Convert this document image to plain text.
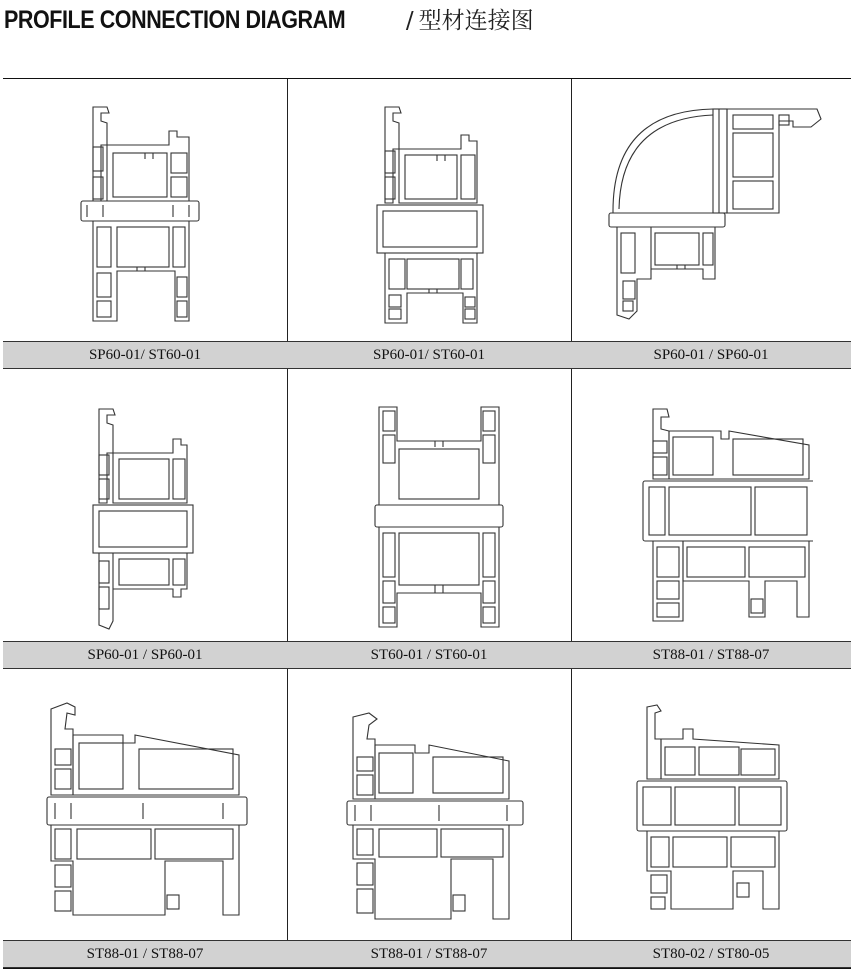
PROFILE CONNECTION DIAGRAM	/ 型材连接图
SP60-01/ ST60-01	SP60-01/ ST60-01	SP60-01 / SP60-01
SP60-01 / SP60-01	ST60-01 / ST60-01	ST88-01 / ST88-07
ST88-01 / ST88-07	ST88-01 / ST88-07	ST80-02 / ST80-05
